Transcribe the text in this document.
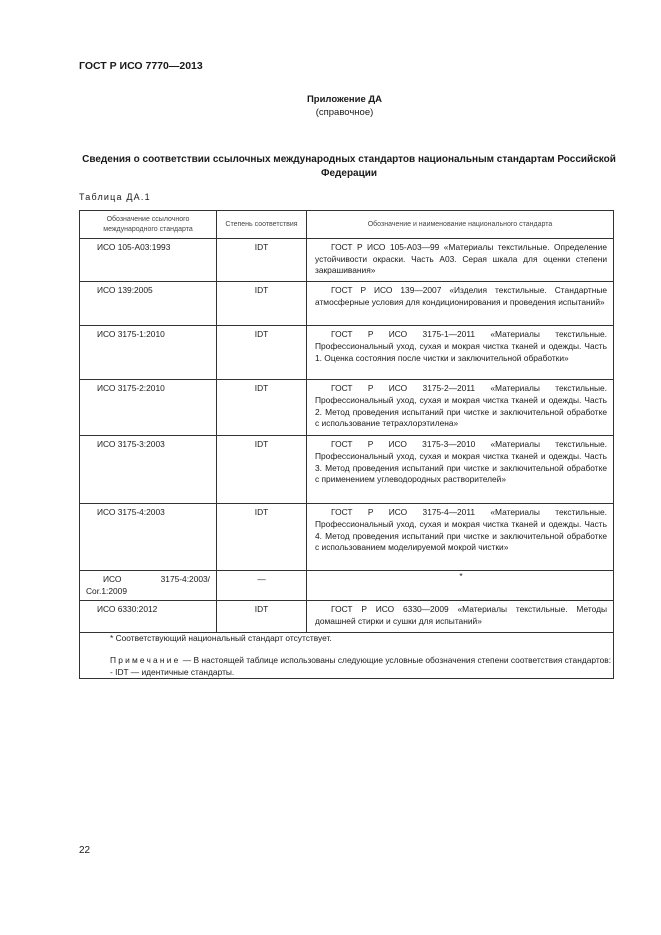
ГОСТ Р ИСО 7770—2013
Приложение ДА
(справочное)
Сведения о соответствии ссылочных международных стандартов национальным стандартам Российской Федерации
Таблица ДА.1
Обозначение ссылочного международного стандарта	Степень соответствия	Обозначение и наименование национального стандарта

ИСО 105-А03:1993	IDT	ГОСТ Р ИСО 105-А03—99 «Материалы текстильные. Определение устойчивости окраски. Часть А03. Серая шкала для оценки степени закрашивания»

ИСО 139:2005	IDT	ГОСТ Р ИСО 139—2007 «Изделия текстильные. Стандартные атмосферные условия для кондиционирования и проведения испытаний»

ИСО 3175-1:2010	IDT	ГОСТ Р ИСО 3175-1—2011 «Материалы текстильные. Профессиональный уход, сухая и мокрая чистка тканей и одежды. Часть 1. Оценка состояния после чистки и заключительной обработки»

ИСО 3175-2:2010	IDT	ГОСТ Р ИСО 3175-2—2011 «Материалы текстильные. Профессиональный уход, сухая и мокрая чистка тканей и одежды. Часть 2. Метод проведения испытаний при чистке и заключительной обработке с использование тетрахлорэтилена»

ИСО 3175-3:2003	IDT	ГОСТ Р ИСО 3175-3—2010 «Материалы текстильные. Профессиональный уход, сухая и мокрая чистка тканей и одежды. Часть 3. Метод проведения испытаний при чистке и заключительной обработке с применением углеводородных растворителей»

ИСО 3175-4:2003	IDT	ГОСТ Р ИСО 3175-4—2011 «Материалы текстильные. Профессиональный уход, сухая и мокрая чистка тканей и одежды. Часть 4. Метод проведения испытаний при чистке и заключительной обработке с использованием моделируемой мокрой чистки»

ИСО 3175-4:2003/ Cor.1:2009	—	*

ИСО 6330:2012	IDT	ГОСТ Р ИСО 6330—2009 «Материалы текстильные. Методы домашней стирки и сушки для испытаний»

* Соответствующий национальный стандарт отсутствует.

Примечание — В настоящей таблице использованы следующие условные обозначения степени соответствия стандартов:

- IDT — идентичные стандарты.		

22
